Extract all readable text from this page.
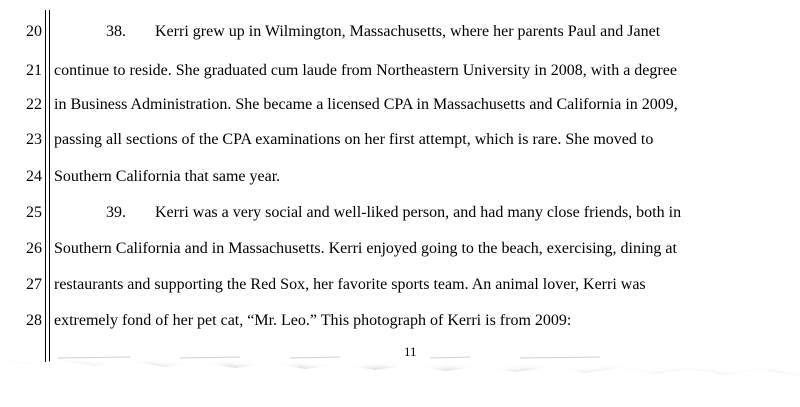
20
21
22
23
24
25
26
27
28
38. Kerri grew up in Wilmington, Massachusetts, where her parents Paul and Janet
continue to reside. She graduated cum laude from Northeastern University in 2008, with a degree
in Business Administration. She became a licensed CPA in Massachusetts and California in 2009,
passing all sections of the CPA examinations on her first attempt, which is rare. She moved to
Southern California that same year.
39. Kerri was a very social and well-liked person, and had many close friends, both in
Southern California and in Massachusetts. Kerri enjoyed going to the beach, exercising, dining at
restaurants and supporting the Red Sox, her favorite sports team. An animal lover, Kerri was
extremely fond of her pet cat, “Mr. Leo.” This photograph of Kerri is from 2009:
11
